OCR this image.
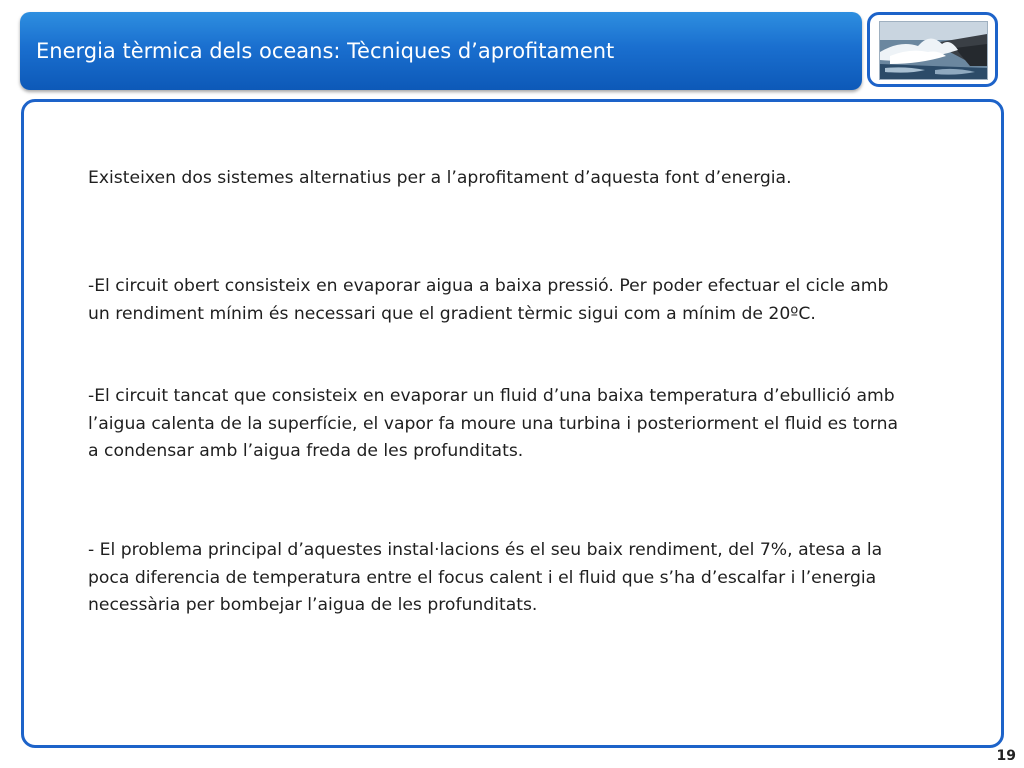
Energia tèrmica dels oceans: Tècniques d’aprofitament
Existeixen dos sistemes alternatius per a l’aprofitament d’aquesta font d’energia.
-El circuit obert consisteix en evaporar aigua a baixa pressió. Per poder efectuar el cicle amb un rendiment mínim és necessari que el gradient tèrmic sigui com a mínim de 20ºC.
-El circuit tancat que consisteix en evaporar un fluid d’una baixa temperatura d’ebullició amb l’aigua calenta de la superfície, el vapor fa moure una turbina i posteriorment el fluid es torna a condensar amb l’aigua freda de les profunditats.
- El problema principal d’aquestes instal·lacions és el seu baix rendiment, del 7%, atesa a la poca diferencia de temperatura entre el focus calent i el fluid que s’ha d’escalfar i l’energia necessària per bombejar l’aigua de les profunditats.
19
